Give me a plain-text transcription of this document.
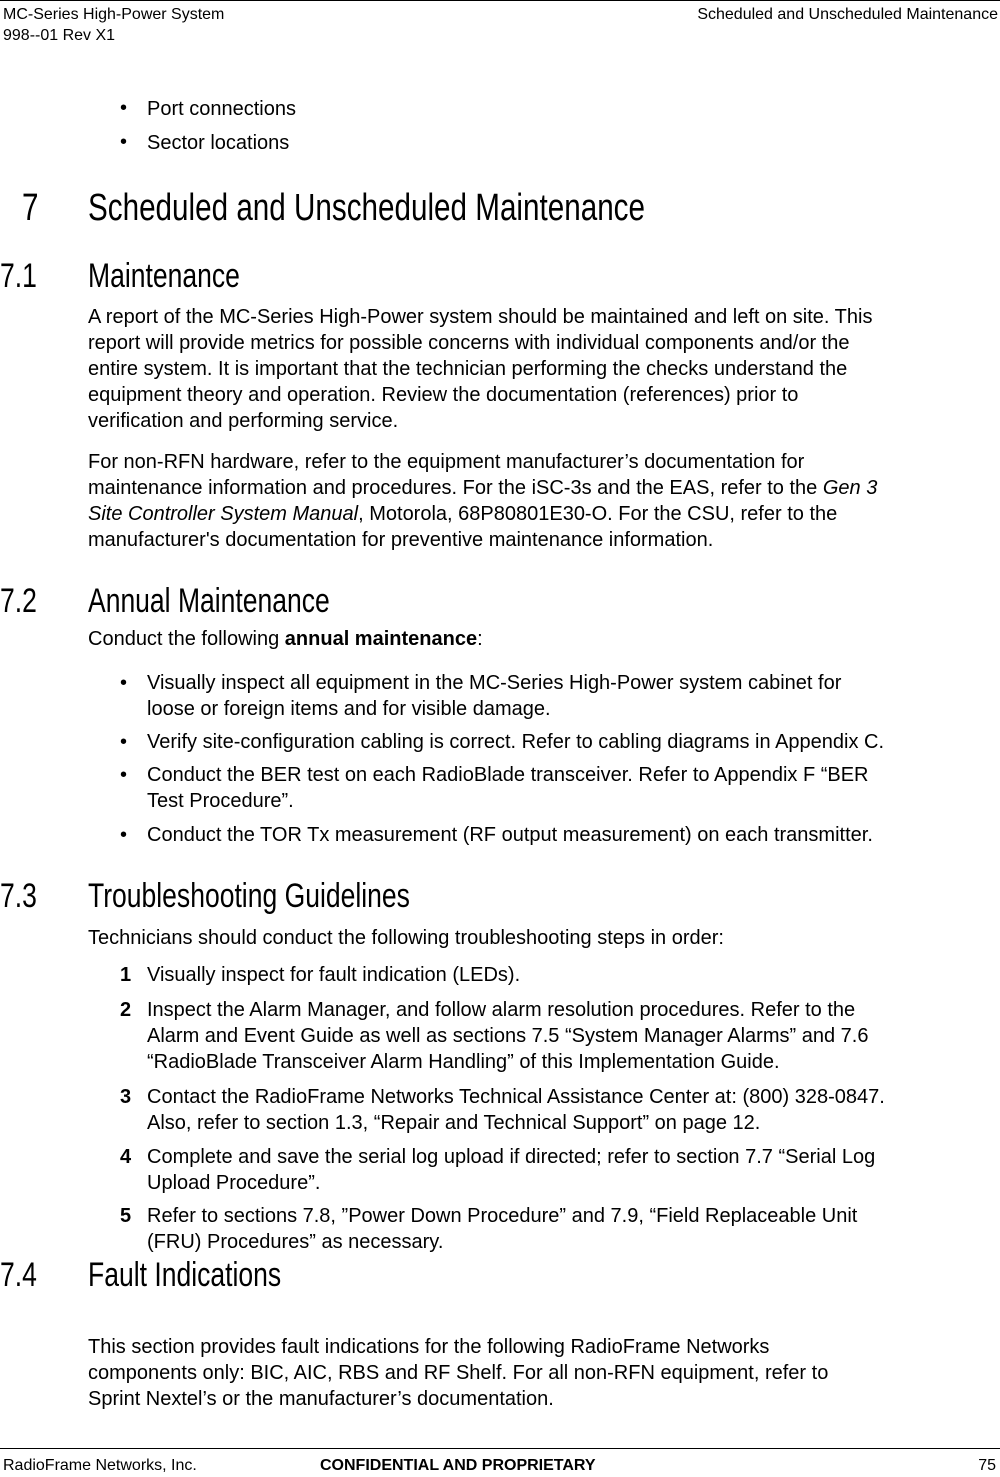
MC-Series High-Power System
998--01 Rev X1
Scheduled and Unscheduled Maintenance
• Port connections
• Sector locations
7 Scheduled and Unscheduled Maintenance
7.1 Maintenance

A report of the MC-Series High-Power system should be maintained and left on site. This

report will provide metrics for possible concerns with individual components and/or the

entire system. It is important that the technician performing the checks understand the

equipment theory and operation. Review the documentation (references) prior to

verification and performing service.

For non-RFN hardware, refer to the equipment manufacturer’s documentation for

maintenance information and procedures. For the iSC-3s and the EAS, refer to the Gen 3

Site Controller System Manual, Motorola, 68P80801E30-O. For the CSU, refer to the

manufacturer's documentation for preventive maintenance information.

7.2 Annual Maintenance

Conduct the following annual maintenance:

• Visually inspect all equipment in the MC-Series High-Power system cabinet for

loose or foreign items and for visible damage.

• Verify site-configuration cabling is correct. Refer to cabling diagrams in Appendix C.

• Conduct the BER test on each RadioBlade transceiver. Refer to Appendix F “BER

Test Procedure”.

• Conduct the TOR Tx measurement (RF output measurement) on each transmitter.

7.3 Troubleshooting Guidelines

Technicians should conduct the following troubleshooting steps in order:

1 Visually inspect for fault indication (LEDs).

2 Inspect the Alarm Manager, and follow alarm resolution procedures. Refer to the

Alarm and Event Guide as well as sections 7.5 “System Manager Alarms” and 7.6

“RadioBlade Transceiver Alarm Handling” of this Implementation Guide.

3 Contact the RadioFrame Networks Technical Assistance Center at: (800) 328-0847.

Also, refer to section 1.3, “Repair and Technical Support” on page 12.

4 Complete and save the serial log upload if directed; refer to section 7.7 “Serial Log

Upload Procedure”.

5 Refer to sections 7.8, ”Power Down Procedure” and 7.9, “Field Replaceable Unit

(FRU) Procedures” as necessary.

7.4 Fault Indications

This section provides fault indications for the following RadioFrame Networks

components only: BIC, AIC, RBS and RF Shelf. For all non-RFN equipment, refer to

Sprint Nextel’s or the manufacturer’s documentation.

RadioFrame Networks, Inc.	CONFIDENTIAL AND PROPRIETARY	75
